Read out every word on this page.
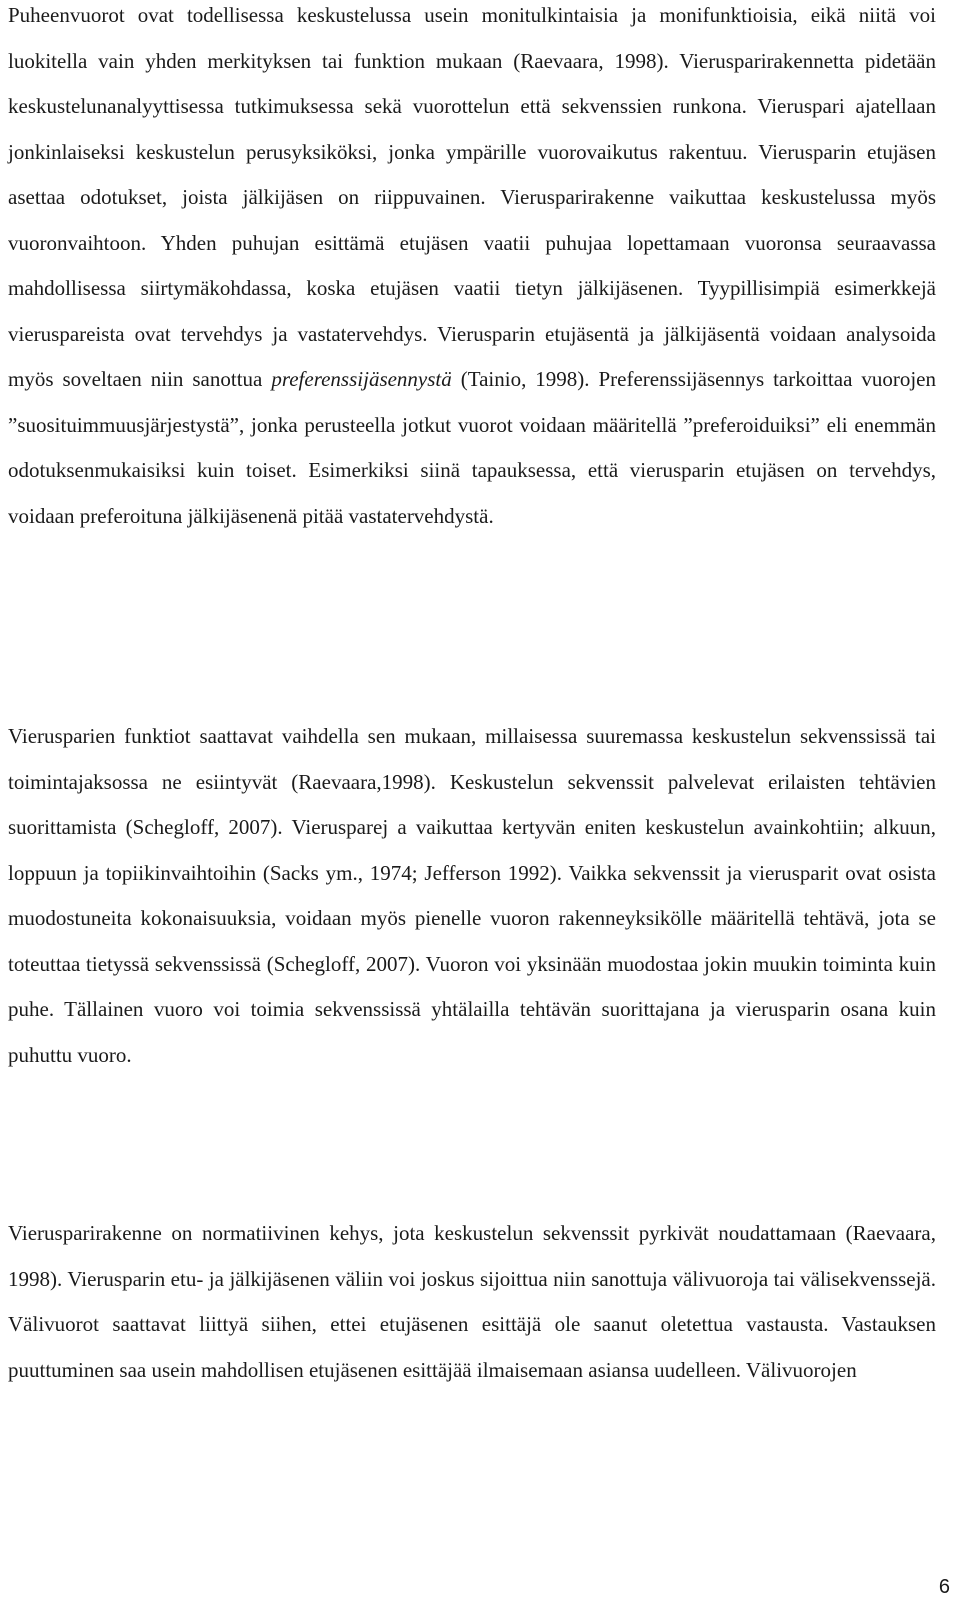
Puheenvuorot ovat todellisessa keskustelussa usein monitulkintaisia ja monifunktioisia, eikä niitä voi luokitella vain yhden merkityksen tai funktion mukaan (Raevaara, 1998). Vierusparirakennetta pidetään keskustelunanalyyttisessa tutkimuksessa sekä vuorottelun että sekvenssien runkona. Vieruspari ajatellaan jonkinlaiseksi keskustelun perusyksiköksi, jonka ympärille vuorovaikutus rakentuu. Vierusparin etujäsen asettaa odotukset, joista jälkijäsen on riippuvainen. Vierusparirakenne vaikuttaa keskustelussa myös vuoronvaihtoon. Yhden puhujan esittämä etujäsen vaatii puhujaa lopettamaan vuoronsa seuraavassa mahdollisessa siirtymäkohdassa, koska etujäsen vaatii tietyn jälkijäsenen. Tyypillisimpiä esimerkkejä vieruspareista ovat tervehdys ja vastatervehdys. Vierusparin etujäsentä ja jälkijäsentä voidaan analysoida myös soveltaen niin sanottua preferenssijäsennystä (Tainio, 1998). Preferenssijäsennys tarkoittaa vuorojen ”suosituimmuusjärjestystä”, jonka perusteella jotkut vuorot voidaan määritellä ”preferoiduiksi” eli enemmän odotuksenmukaisiksi kuin toiset. Esimerkiksi siinä tapauksessa, että vierusparin etujäsen on tervehdys, voidaan preferoituna jälkijäsenenä pitää vastatervehdystä.

Vierusparien funktiot saattavat vaihdella sen mukaan, millaisessa suuremassa keskustelun sekvenssissä tai toimintajaksossa ne esiintyvät (Raevaara,1998). Keskustelun sekvenssit palvelevat erilaisten tehtävien suorittamista (Schegloff, 2007). Vierusparej a vaikuttaa kertyvän eniten keskustelun avainkohtiin; alkuun, loppuun ja topiikinvaihtoihin (Sacks ym., 1974; Jefferson 1992). Vaikka sekvenssit ja vierusparit ovat osista muodostuneita kokonaisuuksia, voidaan myös pienelle vuoron rakenneyksikölle määritellä tehtävä, jota se toteuttaa tietyssä sekvenssissä (Schegloff, 2007). Vuoron voi yksinään muodostaa jokin muukin toiminta kuin puhe. Tällainen vuoro voi toimia sekvenssissä yhtälailla tehtävän suorittajana ja vierusparin osana kuin puhuttu vuoro.

Vierusparirakenne on normatiivinen kehys, jota keskustelun sekvenssit pyrkivät noudattamaan (Raevaara, 1998). Vierusparin etu- ja jälkijäsenen väliin voi joskus sijoittua niin sanottuja välivuoroja tai välisekvenssejä. Välivuorot saattavat liittyä siihen, ettei etujäsenen esittäjä ole saanut oletettua vastausta. Vastauksen puuttuminen saa usein mahdollisen etujäsenen esittäjää ilmaisemaan asiansa uudelleen. Välivuorojen

6
